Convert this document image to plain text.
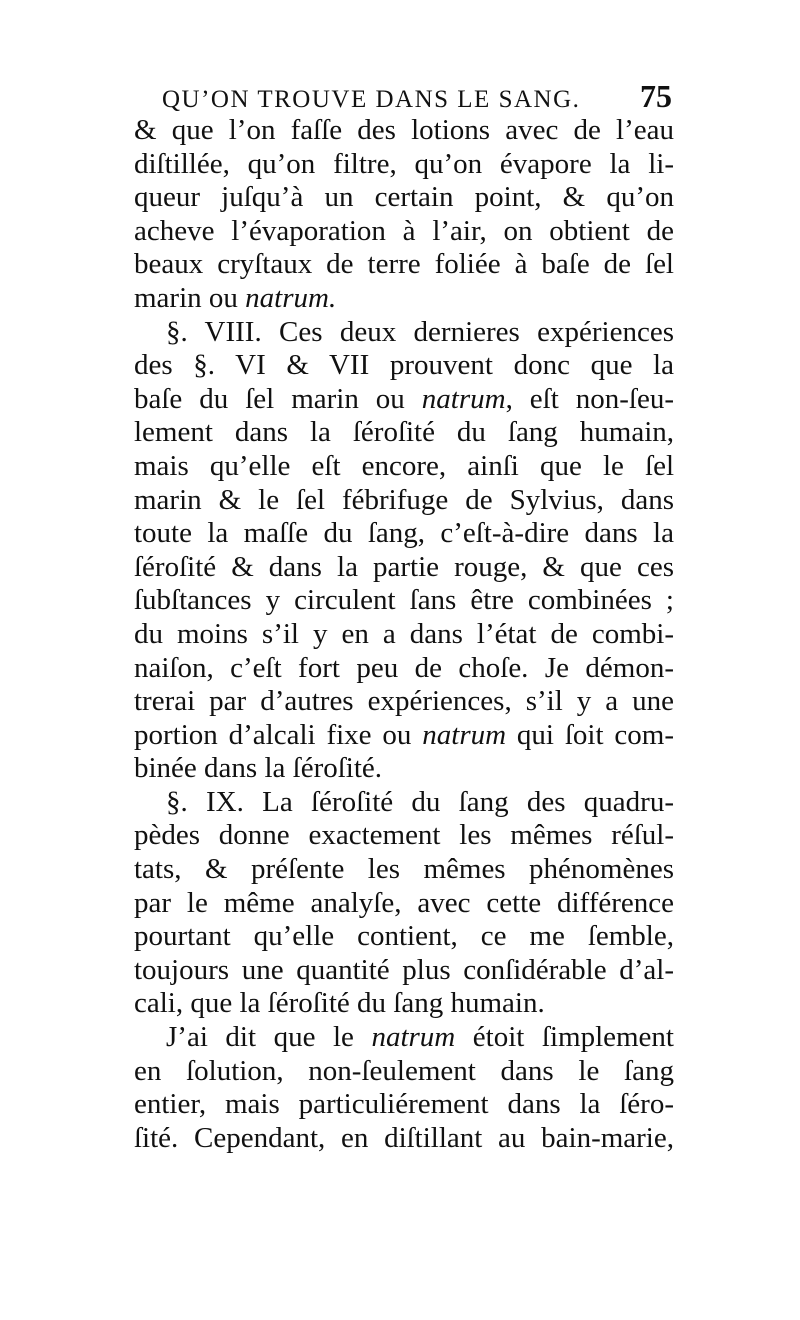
QU’ON TROUVE DANS LE SANG. 75
& que l’on faſſe des lotions avec de l’eau
diſtillée, qu’on filtre, qu’on évapore la li-
queur juſqu’à un certain point, & qu’on
acheve l’évaporation à l’air, on obtient de
beaux cryſtaux de terre foliée à baſe de ſel
marin ou natrum.
§. VIII. Ces deux dernieres expériences
des §. VI & VII prouvent donc que la
baſe du ſel marin ou natrum, eſt non-ſeu-
lement dans la ſéroſité du ſang humain,
mais qu’elle eſt encore, ainſi que le ſel
marin & le ſel fébrifuge de Sylvius, dans
toute la maſſe du ſang, c’eſt-à-dire dans la
ſéroſité & dans la partie rouge, & que ces
ſubſtances y circulent ſans être combinées ;
du moins s’il y en a dans l’état de combi-
naiſon, c’eſt fort peu de choſe. Je démon-
trerai par d’autres expériences, s’il y a une
portion d’alcali fixe ou natrum qui ſoit com-
binée dans la ſéroſité.
§. IX. La ſéroſité du ſang des quadru-
pèdes donne exactement les mêmes réſul-
tats, & préſente les mêmes phénomènes
par le même analyſe, avec cette différence
pourtant qu’elle contient, ce me ſemble,
toujours une quantité plus conſidérable d’al-
cali, que la ſéroſité du ſang humain.
J’ai dit que le natrum étoit ſimplement
en ſolution, non-ſeulement dans le ſang
entier, mais particuliérement dans la ſéro-
ſité. Cependant, en diſtillant au bain-marie,
